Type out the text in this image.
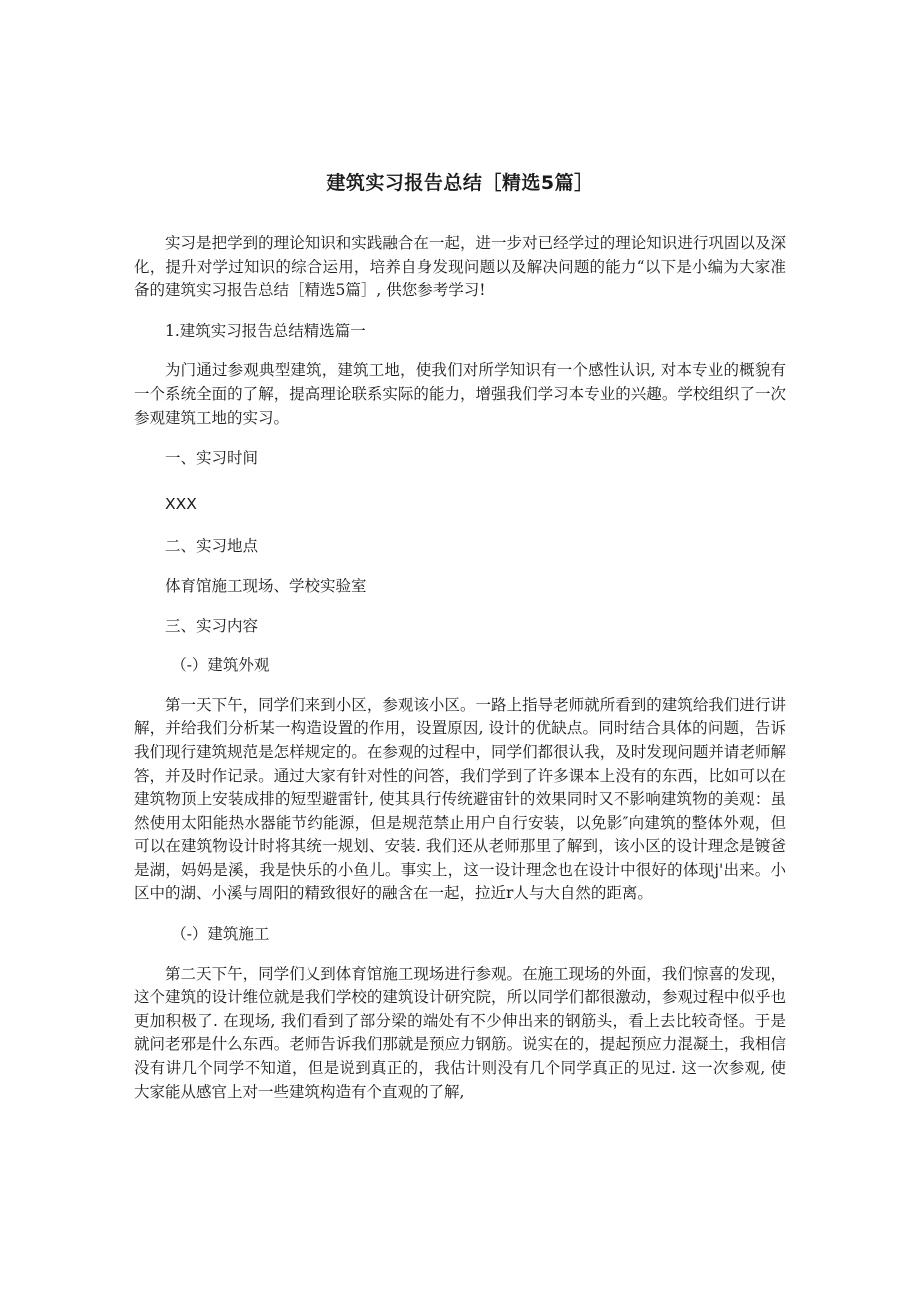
建筑实习报告总结［精选5篇］

实习是把学到的理论知识和实践融合在一起，进一步对已经学过的理论知识进行巩固以及深化，提升对学过知识的综合运用，培养自身发现问题以及解决问题的能力“以下是小编为大家准备的建筑实习报告总结［精选5篇］, 供您参考学习!

1.建筑实习报告总结精选篇一

为门通过参观典型建筑，建筑工地，使我们对所学知识有一个感性认识, 对本专业的概貌有一个系统全面的了解，提高理论联系实际的能力，增强我们学习本专业的兴趣。学校组织了一次参观建筑工地的实习。

一、实习时间

XXX

二、实习地点

体育馆施工现场、学校实验室

三、实习内容

（-）建筑外观

第一天下午，同学们来到小区，参观该小区。一路上指导老师就所看到的建筑给我们进行讲解，并给我们分析某一构造设置的作用，设置原因, 设计的优缺点。同时结合具体的问题，告诉我们现行建筑规范是怎样规定的。在参观的过程中，同学们都很认我，及时发现问题并请老师解答，并及时作记录。通过大家有针对性的问答，我们学到了许多课本上没有的东西，比如可以在建筑物顶上安装成排的短型避雷针, 使其具行传统避宙针的效果同时又不影响建筑物的美观：虽然使用太阳能热水器能节约能源，但是规范禁止用户自行安装，以免影″向建筑的整体外观，但可以在建筑物设计时将其统一规划、安装. 我们还从老师那里了解到，该小区的设计理念是镀爸是湖，妈妈是溪，我是快乐的小鱼儿。事实上，这一设计理念也在设计中很好的体现j'出来。小区中的湖、小溪与周阳的精致很好的融含在一起，拉近r人与大自然的距离。

（-）建筑施工

第二天下午，同学们乂到体育馆施工现场进行参观。在施工现场的外面，我们惊喜的发现，这个建筑的设计维位就是我们学校的建筑设计研究院，所以同学们都很激动，参观过程中似乎也更加积极了. 在现场, 我们看到了部分梁的端处有不少伸出来的钢筋头，看上去比较奇怪。于是就问老邪是什么东西。老师告诉我们那就是预应力钢筋。说实在的，提起预应力混凝土，我相信没有讲几个同学不知道，但是说到真正的，我估计则没有几个同学真正的见过. 这一次参观, 使大家能从感官上对一些建筑构造有个直观的了解,
